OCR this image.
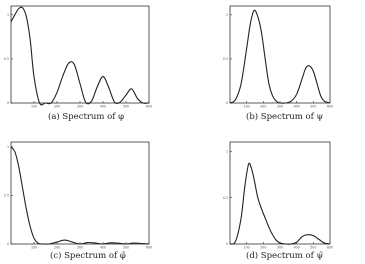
100	200	300	400	500	600
0
0.5
1
(a) Spectrum of φ
100	200	300	400	500	600
0
0.5
1
(b) Spectrum of ψ
100	200	300	400	500	600
0
0.5
1
(c) Spectrum of φ̃
100	200	300	400	500	600
0
0.5
1
(d) Spectrum of ψ̃
